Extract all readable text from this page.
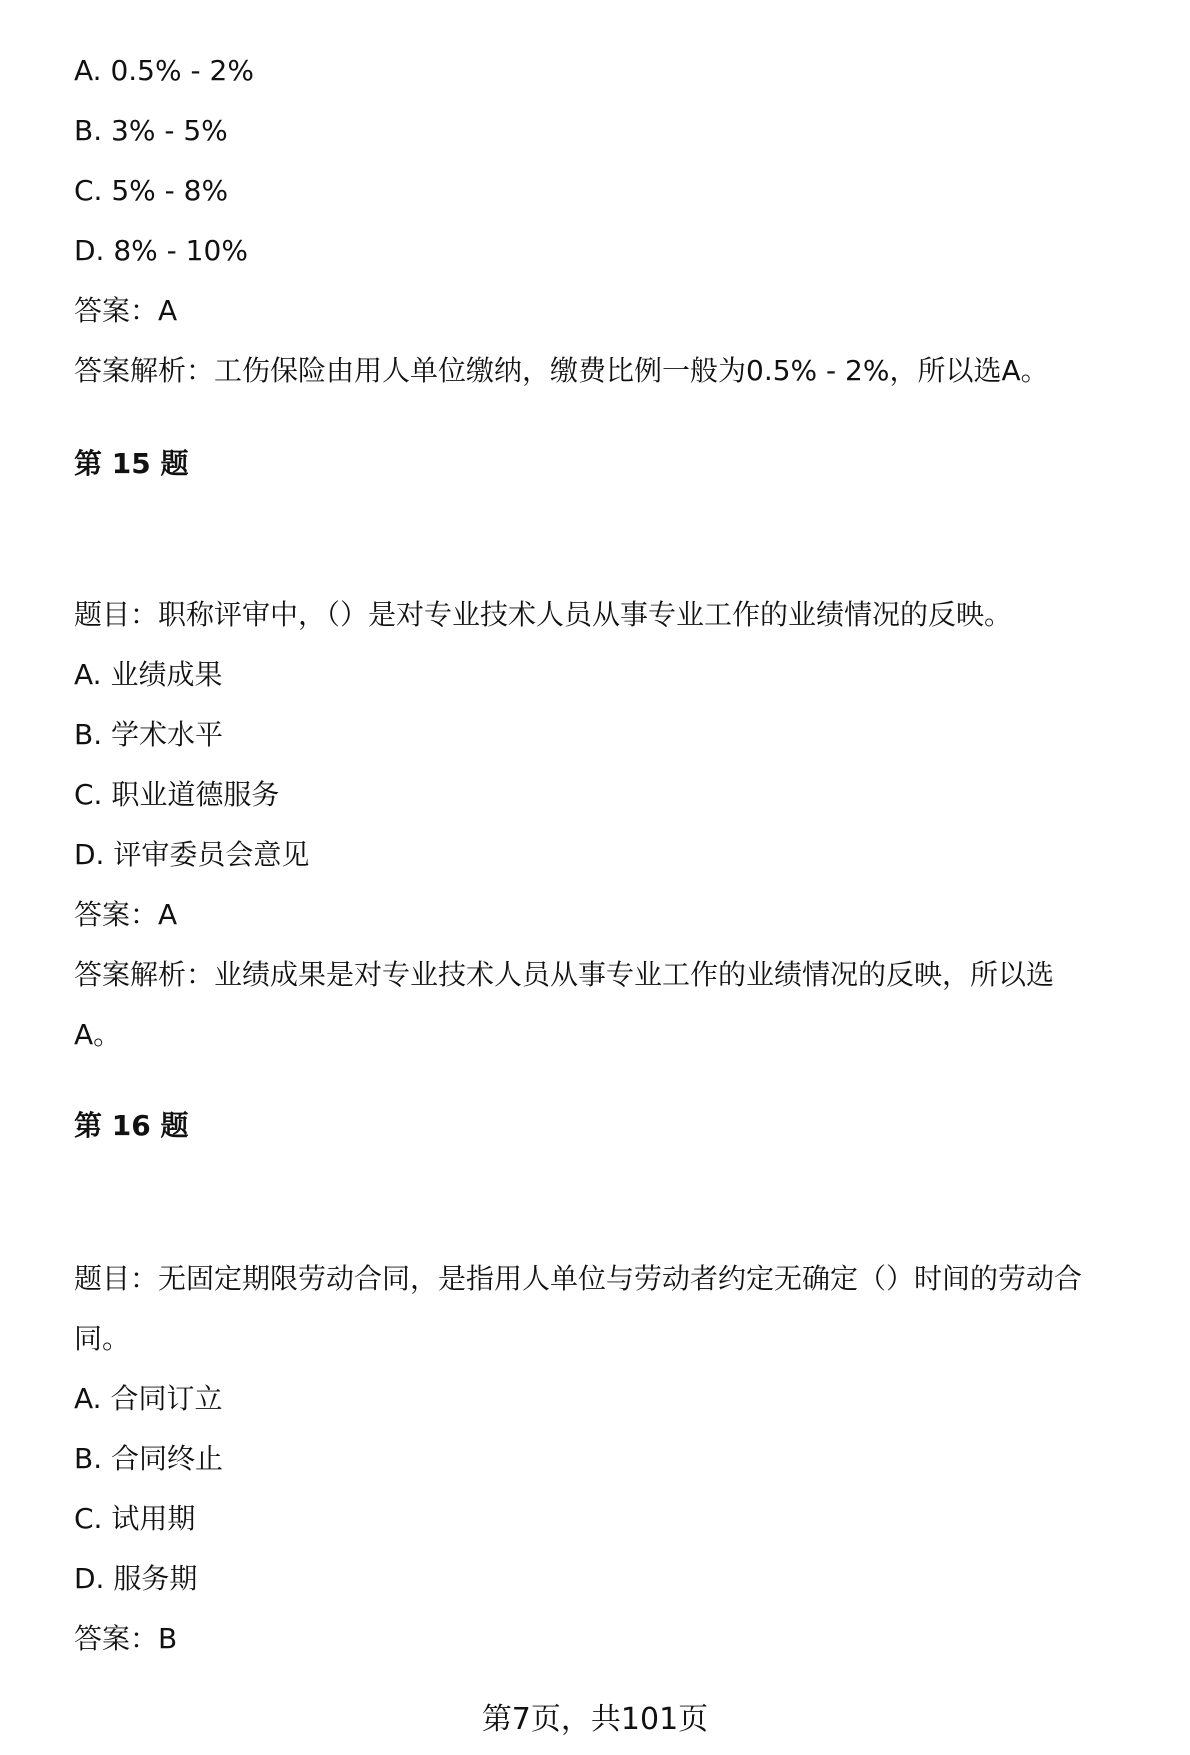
A. 0.5% - 2%
B. 3% - 5%
C. 5% - 8%
D. 8% - 10%
答案：A
答案解析：工伤保险由用人单位缴纳，缴费比例一般为0.5% - 2%，所以选A。
第 15 题
题目：职称评审中，（）是对专业技术人员从事专业工作的业绩情况的反映。
A. 业绩成果
B. 学术水平
C. 职业道德服务
D. 评审委员会意见
答案：A
答案解析：业绩成果是对专业技术人员从事专业工作的业绩情况的反映，所以选
A。
第 16 题
题目：无固定期限劳动合同，是指用人单位与劳动者约定无确定（）时间的劳动合
同。
A. 合同订立
B. 合同终止
C. 试用期
D. 服务期
答案：B
第7页，共101页
